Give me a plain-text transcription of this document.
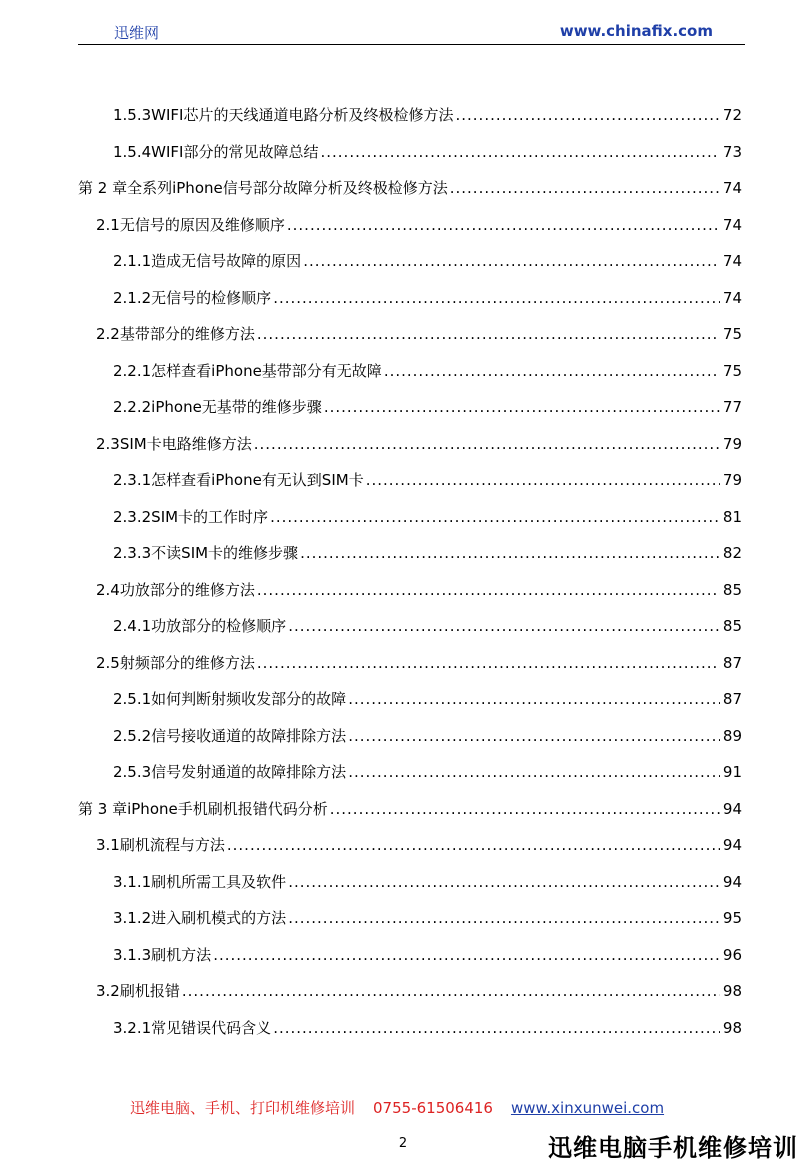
迅维网	www.chinafix.com
1.5.3 WIFI芯片的天线通道电路分析及终极检修方法 .....	72
1.5.4 WIFI部分的常见故障总结 .....	73
第 2 章 全系列iPhone信号部分故障分析及终极检修方法 .....	74
2.1 无信号的原因及维修顺序 .....	74
2.1.1 造成无信号故障的原因 .....	74
2.1.2 无信号的检修顺序 .....	74
2.2 基带部分的维修方法 .....	75
2.2.1 怎样查看iPhone基带部分有无故障 .....	75
2.2.2 iPhone无基带的维修步骤 .....	77
2.3 SIM卡电路维修方法 .....	79
2.3.1 怎样查看iPhone有无认到SIM卡 .....	79
2.3.2 SIM卡的工作时序 .....	81
2.3.3 不读SIM卡的维修步骤 .....	82
2.4 功放部分的维修方法 .....	85
2.4.1 功放部分的检修顺序 .....	85
2.5 射频部分的维修方法 .....	87
2.5.1 如何判断射频收发部分的故障 .....	87
2.5.2 信号接收通道的故障排除方法 .....	89
2.5.3 信号发射通道的故障排除方法 .....	91
第 3 章 iPhone手机刷机报错代码分析 .....	94
3.1 刷机流程与方法 .....	94
3.1.1 刷机所需工具及软件 .....	94
3.1.2 进入刷机模式的方法 .....	95
3.1.3 刷机方法 .....	96
3.2 刷机报错 .....	98
3.2.1 常见错误代码含义 .....	98
迅维电脑、手机、打印机维修培训 0755-61506416 www.xinxunwei.com
2	迅维电脑手机维修培训
